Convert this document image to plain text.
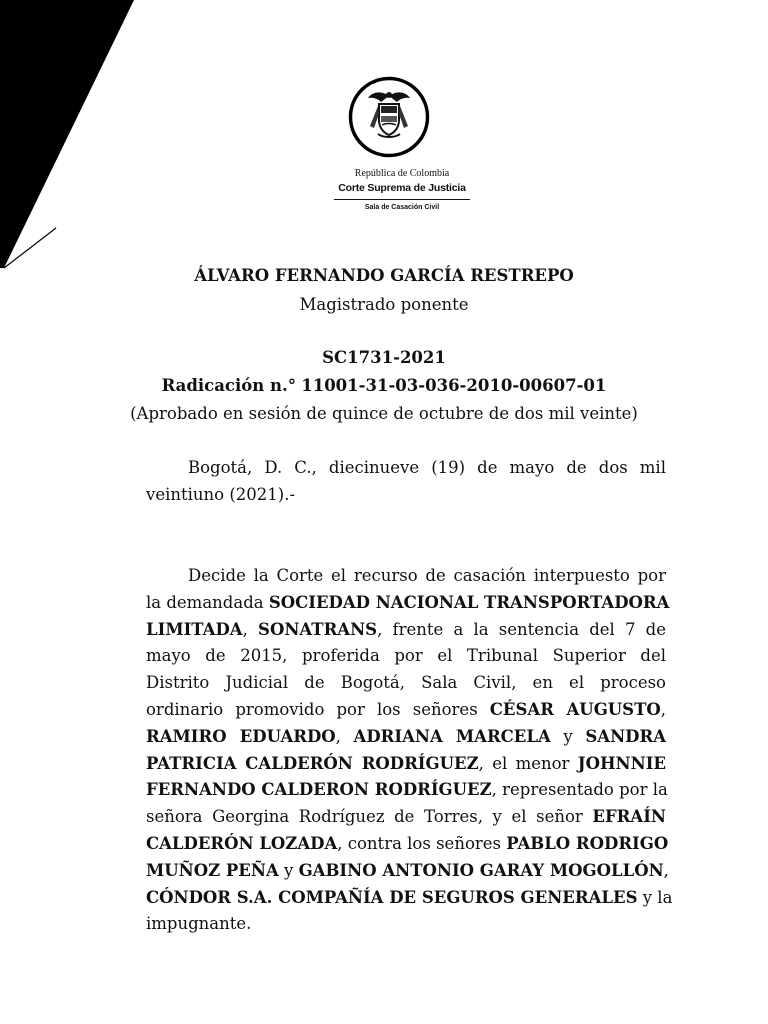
República de Colombia
Corte Suprema de Justicia
Sala de Casación Civil
ÁLVARO FERNANDO GARCÍA RESTREPO
Magistrado ponente
SC1731-2021
Radicación n.° 11001-31-03-036-2010-00607-01
(Aprobado en sesión de quince de octubre de dos mil veinte)
Bogotá, D. C., diecinueve (19) de mayo de dos mil
veintiuno (2021).-
Decide la Corte el recurso de casación interpuesto por
la demandada SOCIEDAD NACIONAL TRANSPORTADORA
LIMITADA, SONATRANS, frente a la sentencia del 7 de
mayo de 2015, proferida por el Tribunal Superior del
Distrito Judicial de Bogotá, Sala Civil, en el proceso
ordinario promovido por los señores CÉSAR AUGUSTO,
RAMIRO EDUARDO, ADRIANA MARCELA y SANDRA
PATRICIA CALDERÓN RODRÍGUEZ, el menor JOHNNIE
FERNANDO CALDERON RODRÍGUEZ, representado por la
señora Georgina Rodríguez de Torres, y el señor EFRAÍN
CALDERÓN LOZADA, contra los señores PABLO RODRIGO
MUÑOZ PEÑA y GABINO ANTONIO GARAY MOGOLLÓN,
CÓNDOR S.A. COMPAÑÍA DE SEGUROS GENERALES y la
impugnante.
